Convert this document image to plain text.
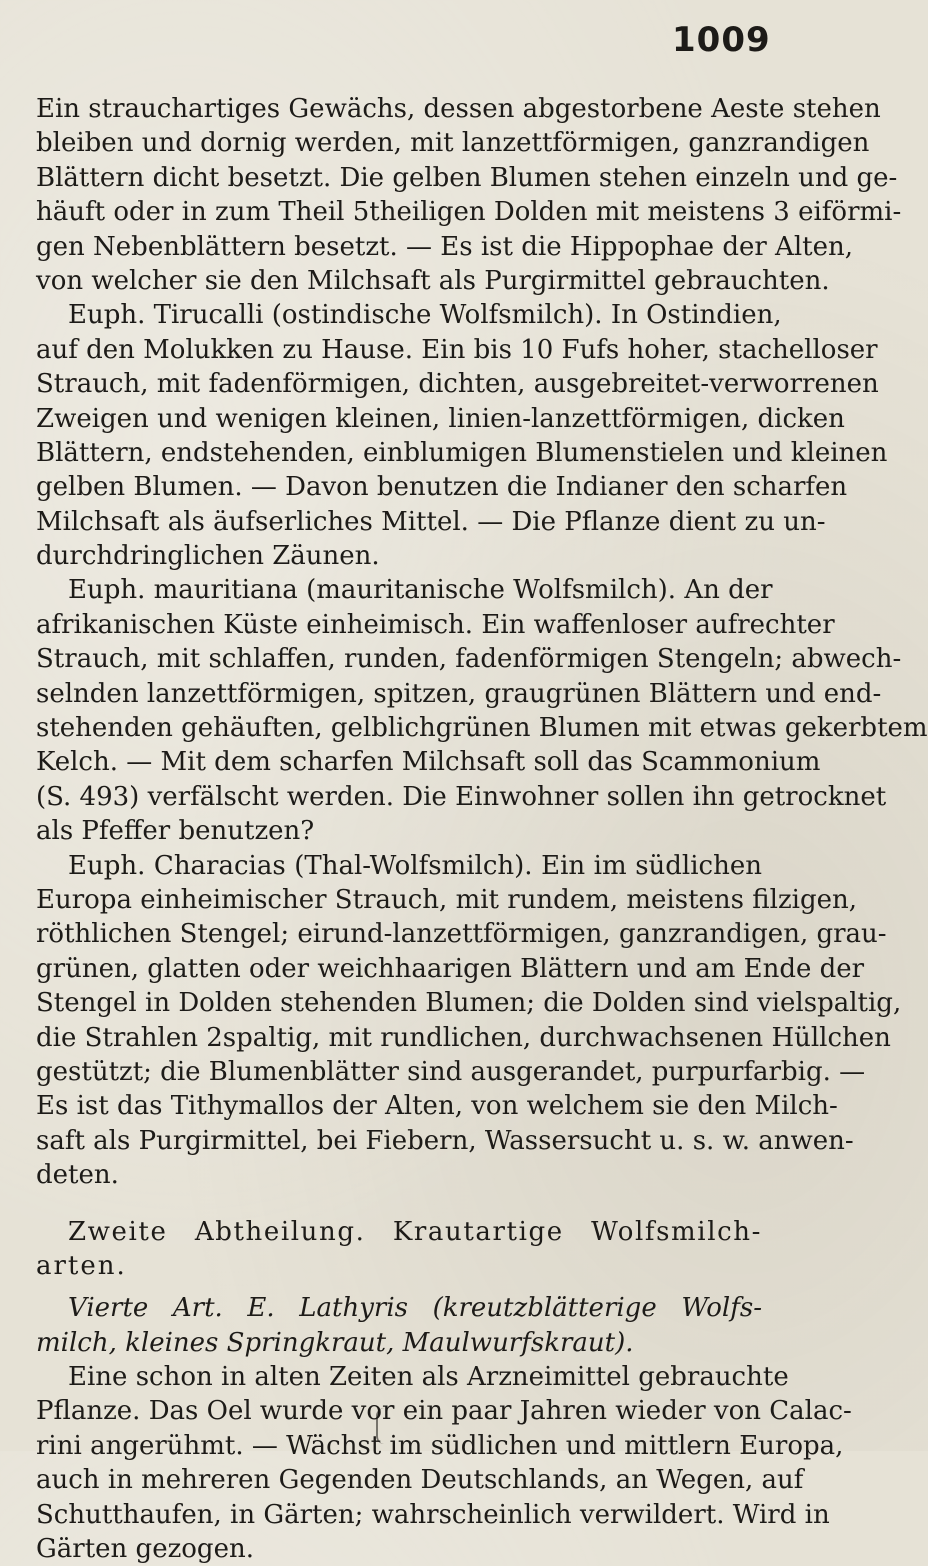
1009
Ein strauchartiges Gewächs, dessen abgestorbene Aeste stehen
bleiben und dornig werden, mit lanzettförmigen, ganzrandigen
Blättern dicht besetzt. Die gelben Blumen stehen einzeln und ge-
häuft oder in zum Theil 5theiligen Dolden mit meistens 3 eiförmi-
gen Nebenblättern besetzt. — Es ist die Hippophae der Alten,
von welcher sie den Milchsaft als Purgirmittel gebrauchten.
Euph. Tirucalli (ostindische Wolfsmilch). In Ostindien,
auf den Molukken zu Hause. Ein bis 10 Fufs hoher, stachelloser
Strauch, mit fadenförmigen, dichten, ausgebreitet-verworrenen
Zweigen und wenigen kleinen, linien-lanzettförmigen, dicken
Blättern, endstehenden, einblumigen Blumenstielen und kleinen
gelben Blumen. — Davon benutzen die Indianer den scharfen
Milchsaft als äufserliches Mittel. — Die Pflanze dient zu un-
durchdringlichen Zäunen.
Euph. mauritiana (mauritanische Wolfsmilch). An der
afrikanischen Küste einheimisch. Ein waffenloser aufrechter
Strauch, mit schlaffen, runden, fadenförmigen Stengeln; abwech-
selnden lanzettförmigen, spitzen, graugrünen Blättern und end-
stehenden gehäuften, gelblichgrünen Blumen mit etwas gekerbtem
Kelch. — Mit dem scharfen Milchsaft soll das Scammonium
(S. 493) verfälscht werden. Die Einwohner sollen ihn getrocknet
als Pfeffer benutzen?
Euph. Characias (Thal-Wolfsmilch). Ein im südlichen
Europa einheimischer Strauch, mit rundem, meistens filzigen,
röthlichen Stengel; eirund-lanzettförmigen, ganzrandigen, grau-
grünen, glatten oder weichhaarigen Blättern und am Ende der
Stengel in Dolden stehenden Blumen; die Dolden sind vielspaltig,
die Strahlen 2spaltig, mit rundlichen, durchwachsenen Hüllchen
gestützt; die Blumenblätter sind ausgerandet, purpurfarbig. —
Es ist das Tithymallos der Alten, von welchem sie den Milch-
saft als Purgirmittel, bei Fiebern, Wassersucht u. s. w. anwen-
deten.
Zweite Abtheilung. Krautartige Wolfsmilch-
arten.
Vierte Art. E. Lathyris (kreutzblätterige Wolfs-
milch, kleines Springkraut, Maulwurfskraut).
Eine schon in alten Zeiten als Arzneimittel gebrauchte
Pflanze. Das Oel wurde vor ein paar Jahren wieder von Calac-
rini angerühmt. — Wächst im südlichen und mittlern Europa,
auch in mehreren Gegenden Deutschlands, an Wegen, auf
Schutthaufen, in Gärten; wahrscheinlich verwildert. Wird in
Gärten gezogen.
